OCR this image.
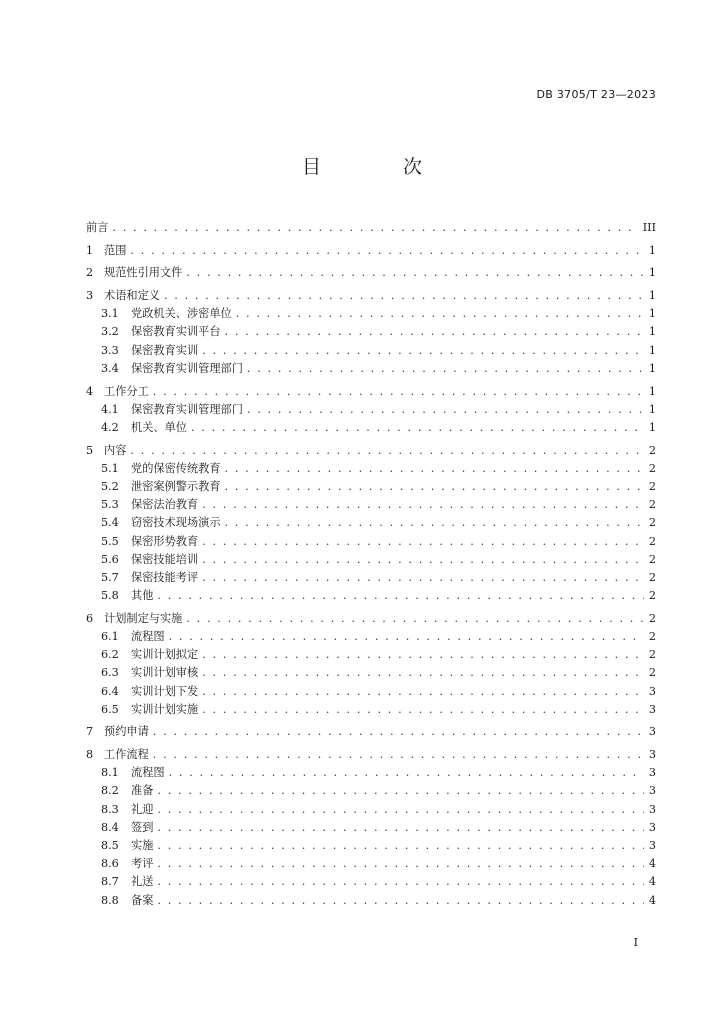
DB 3705/T 23—2023
目 次
前言 . . .	III
1 范围 . . .	1
2 规范性引用文件 . . .	1
3 术语和定义 . . .	1
3.1	党政机关、涉密单位 . . .	1
3.2	保密教育实训平台 . . .	1
3.3	保密教育实训 . . .	1
3.4	保密教育实训管理部门 . . .	1
4 工作分工 . . .	1
4.1	保密教育实训管理部门 . . .	1
4.2	机关、单位 . . .	1
5 内容 . . .	2
5.1	党的保密传统教育 . . .	2
5.2	泄密案例警示教育 . . .	2
5.3	保密法治教育 . . .	2
5.4	窃密技术现场演示 . . .	2
5.5	保密形势教育 . . .	2
5.6	保密技能培训 . . .	2
5.7	保密技能考评 . . .	2
5.8	其他 . . .	2
6 计划制定与实施 . . .	2
6.1	流程图 . . .	2
6.2	实训计划拟定 . . .	2
6.3	实训计划审核 . . .	2
6.4	实训计划下发 . . .	3
6.5	实训计划实施 . . .	3
7 预约申请 . . .	3
8 工作流程 . . .	3
8.1	流程图 . . .	3
8.2	准备 . . .	3
8.3	礼迎 . . .	3
8.4	签到 . . .	3
8.5	实施 . . .	3
8.6	考评 . . .	4
8.7	礼送 . . .	4
8.8	备案 . . .	4
I
